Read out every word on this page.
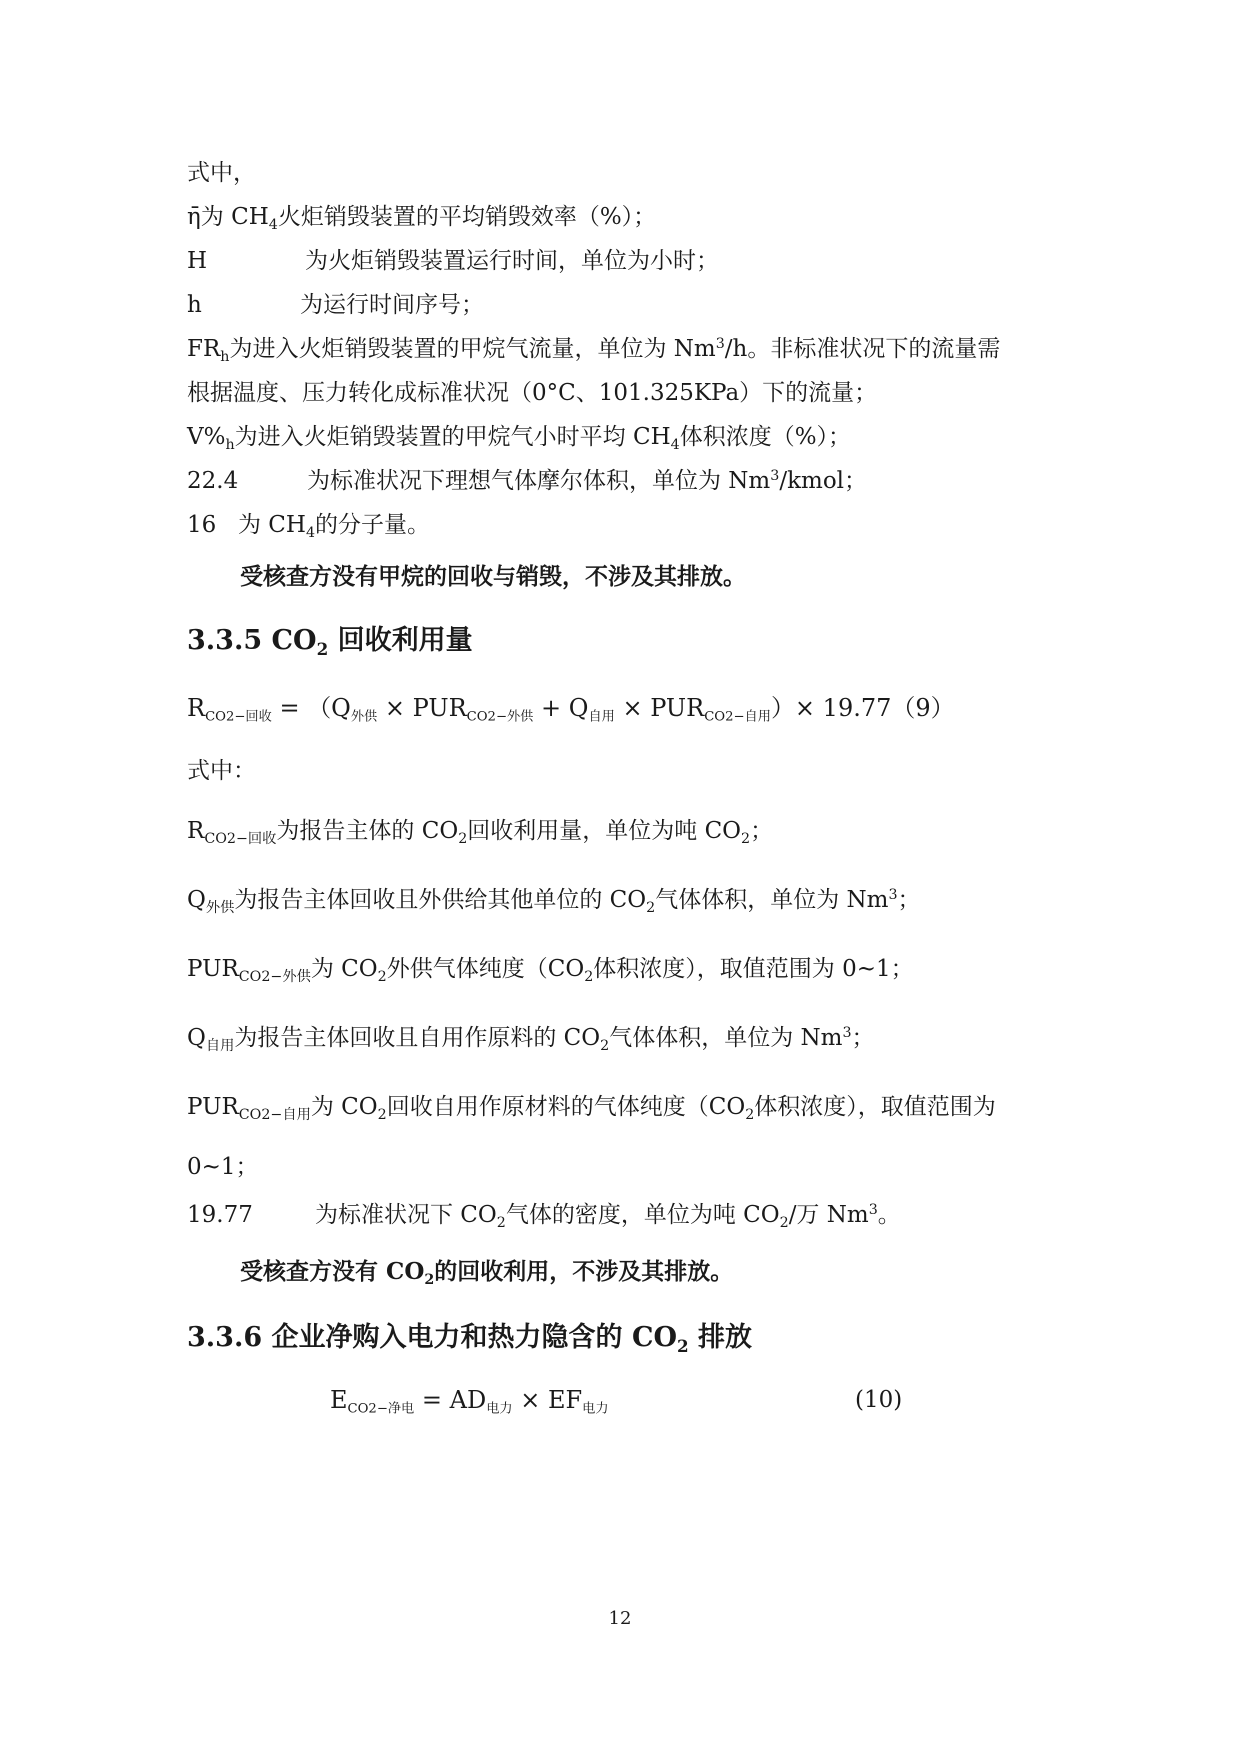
式中，
η̄为 $CH_4$火炬销毁装置的平均销毁效率（%）；
H	为火炬销毁装置运行时间，单位为小时；
h	为运行时间序号；
$FR_h$为进入火炬销毁装置的甲烷气流量，单位为 Nm$^3$/h。非标准状况下的流量需
根据温度、压力转化成标准状况（0°C、101.325KPa）下的流量；
$V\%_h$为进入火炬销毁装置的甲烷气小时平均 $CH_4$体积浓度（%）；
22.4	为标准状况下理想气体摩尔体积，单位为 Nm$^3$/kmol；
16 为 $CH_4$的分子量。
受核查方没有甲烷的回收与销毁，不涉及其排放。
3.3.5 $CO_2$ 回收利用量
$R_{CO2-回收} = (Q_{外供} \times PUR_{CO2-外供} + Q_{自用} \times PUR_{CO2-自用})\times 19.77(9)$
式中：
$R_{CO2-回收}$为报告主体的 $CO_2$回收利用量，单位为吨 $CO_2$；
$Q_{外供}$为报告主体回收且外供给其他单位的 $CO_2$气体体积，单位为 Nm$^3$；
$PUR_{CO2-外供}$为 $CO_2$外供气体纯度（$CO_2$体积浓度），取值范围为 0~1；
$Q_{自用}$为报告主体回收且自用作原料的 $CO_2$气体体积，单位为 Nm$^3$；
$PUR_{CO2-自用}$为 $CO_2$回收自用作原材料的气体纯度（$CO_2$体积浓度），取值范围为
0~1；
19.77	为标准状况下 $CO_2$气体的密度，单位为吨 $CO_2/$万 Nm$^3$。
受核查方没有 $CO_2$的回收利用，不涉及其排放。
3.3.6 企业净购入电力和热力隐含的 $CO_2$ 排放
$E_{CO2-净电} = AD_{电力} \times EF_{电力}$	(10)
12
